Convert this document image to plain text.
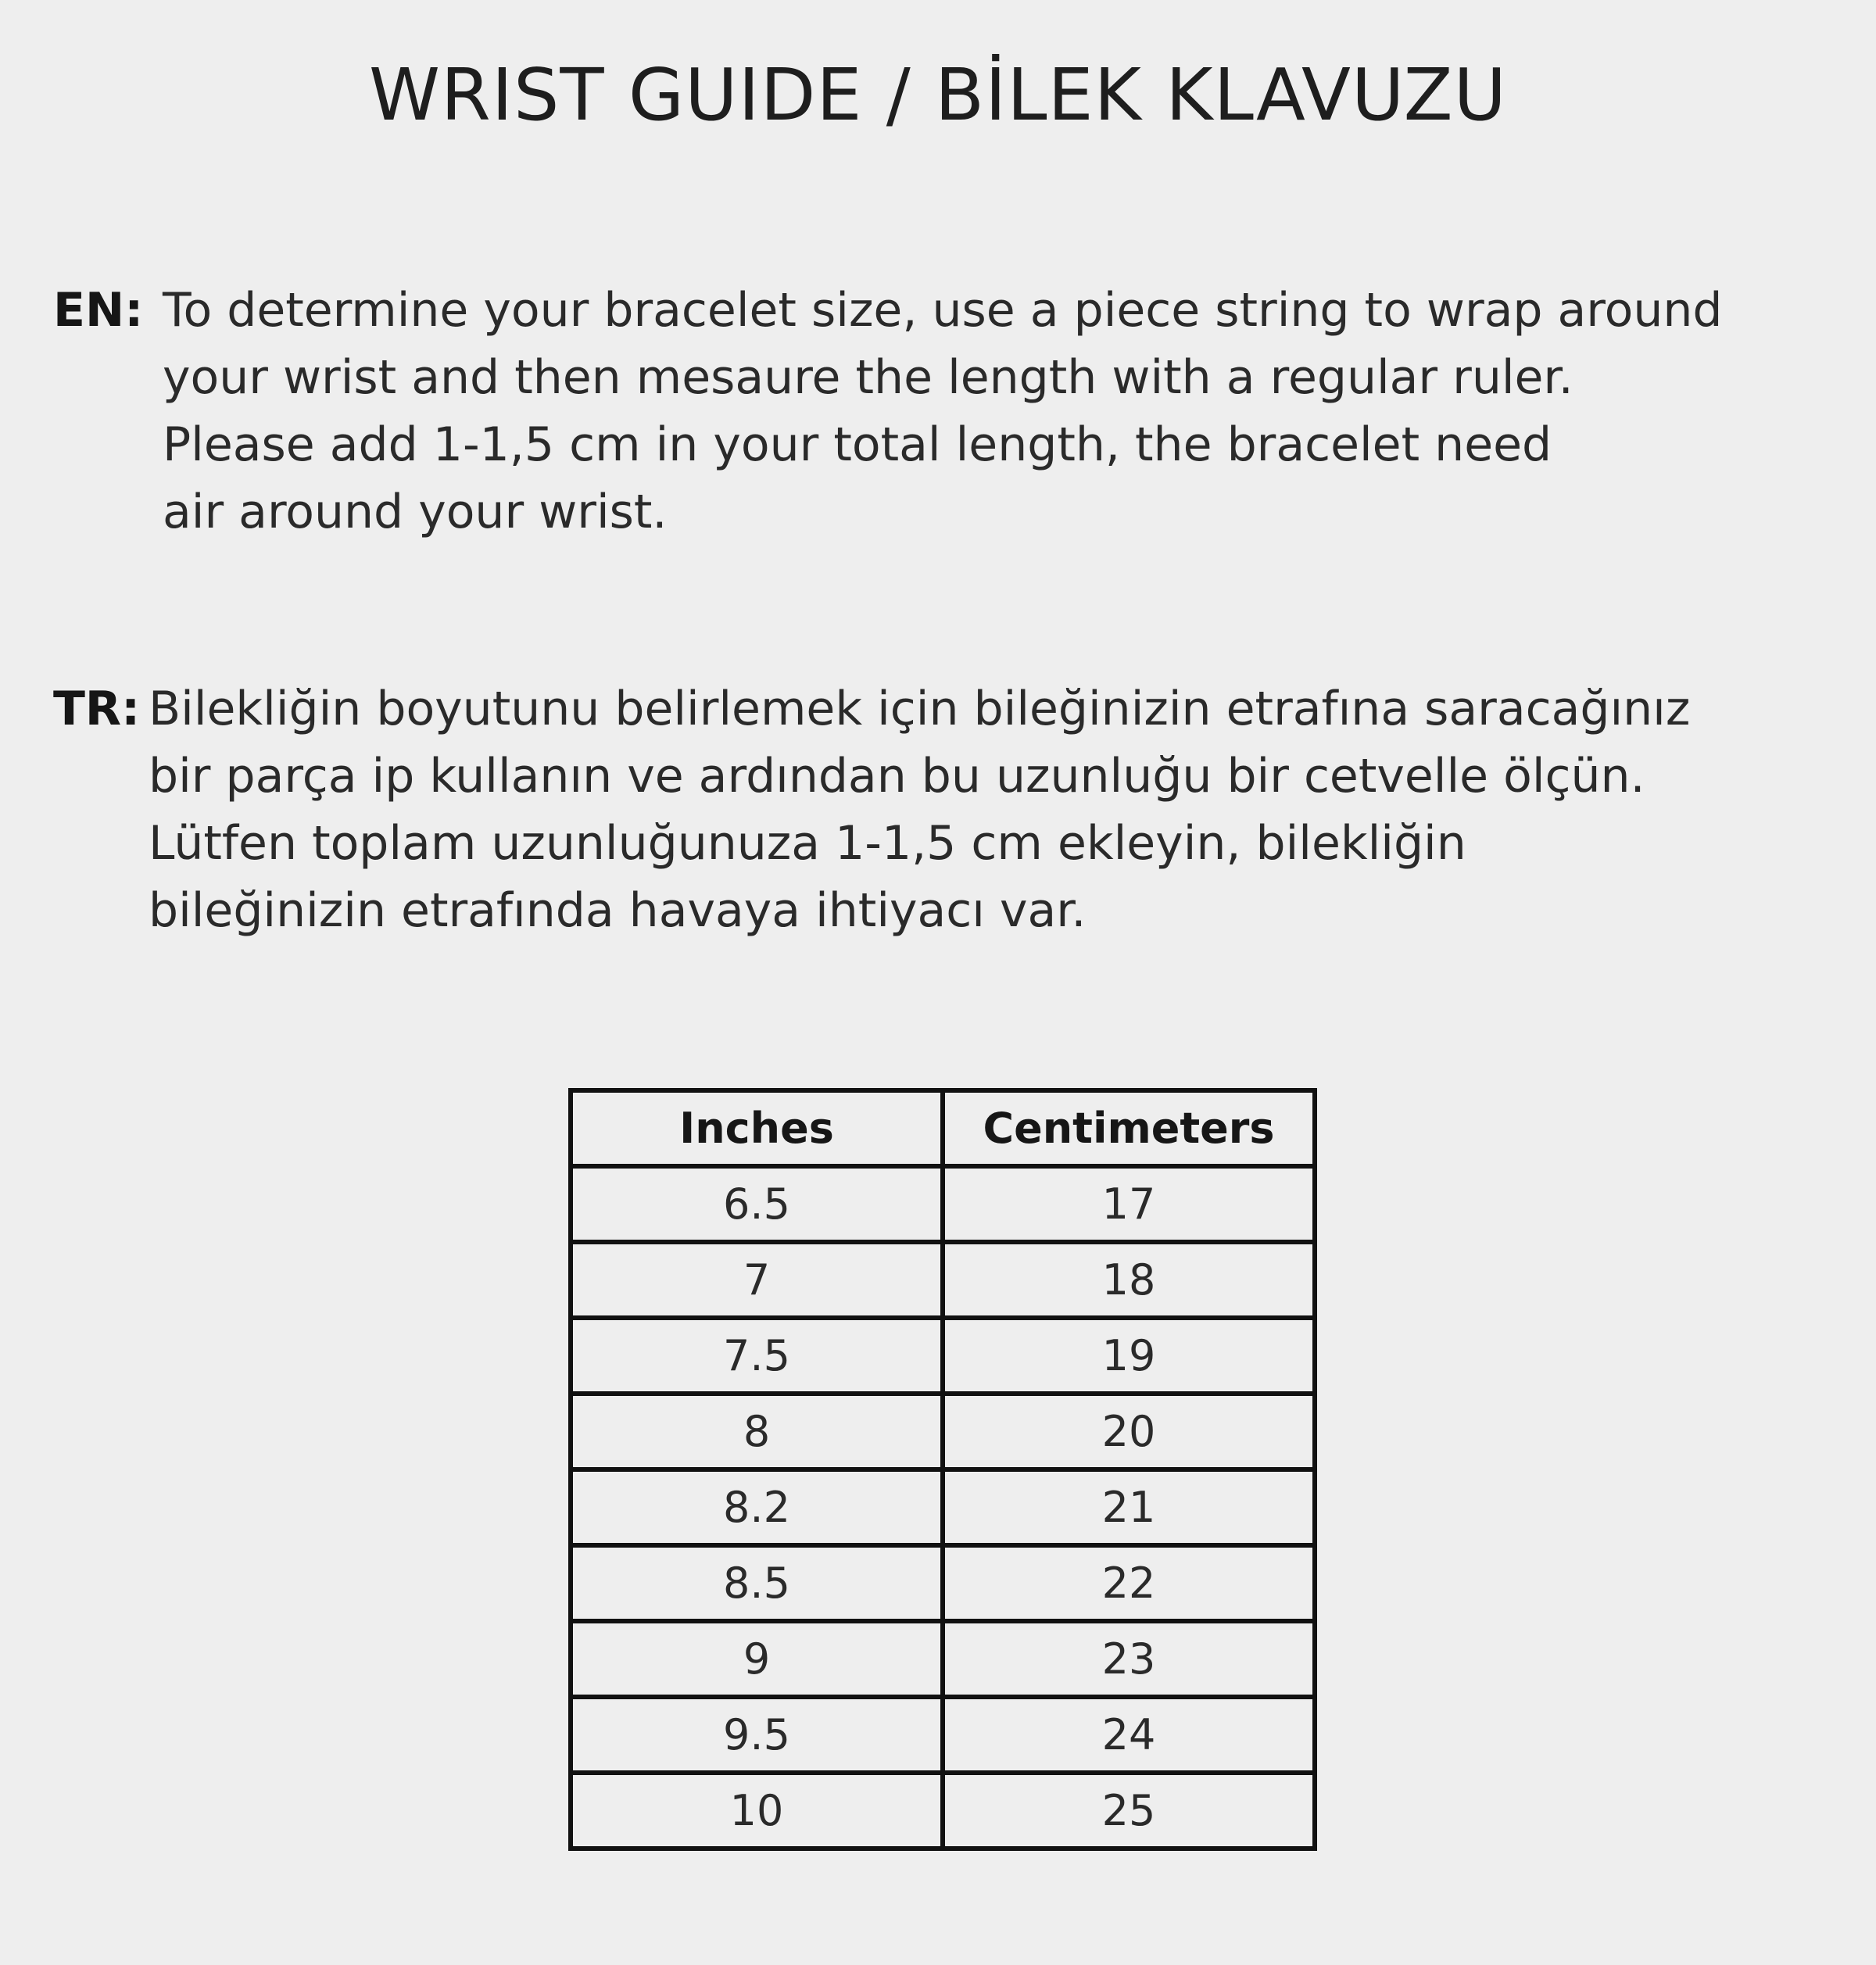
WRIST GUIDE / BİLEK KLAVUZU
EN: To determine your bracelet size, use a piece string to wrap around
your wrist and then mesaure the length with a regular ruler.
Please add 1-1,5 cm in your total length, the bracelet need
air around your wrist.
TR: Bilekliğin boyutunu belirlemek için bileğinizin etrafına saracağınız
bir parça ip kullanın ve ardından bu uzunluğu bir cetvelle ölçün.
Lütfen toplam uzunluğunuza 1-1,5 cm ekleyin, bilekliğin
bileğinizin etrafında havaya ihtiyacı var.
Inches	Centimeters
6.5	17
7	18
7.5	19
8	20
8.2	21
8.5	22
9	23
9.5	24
10	25
